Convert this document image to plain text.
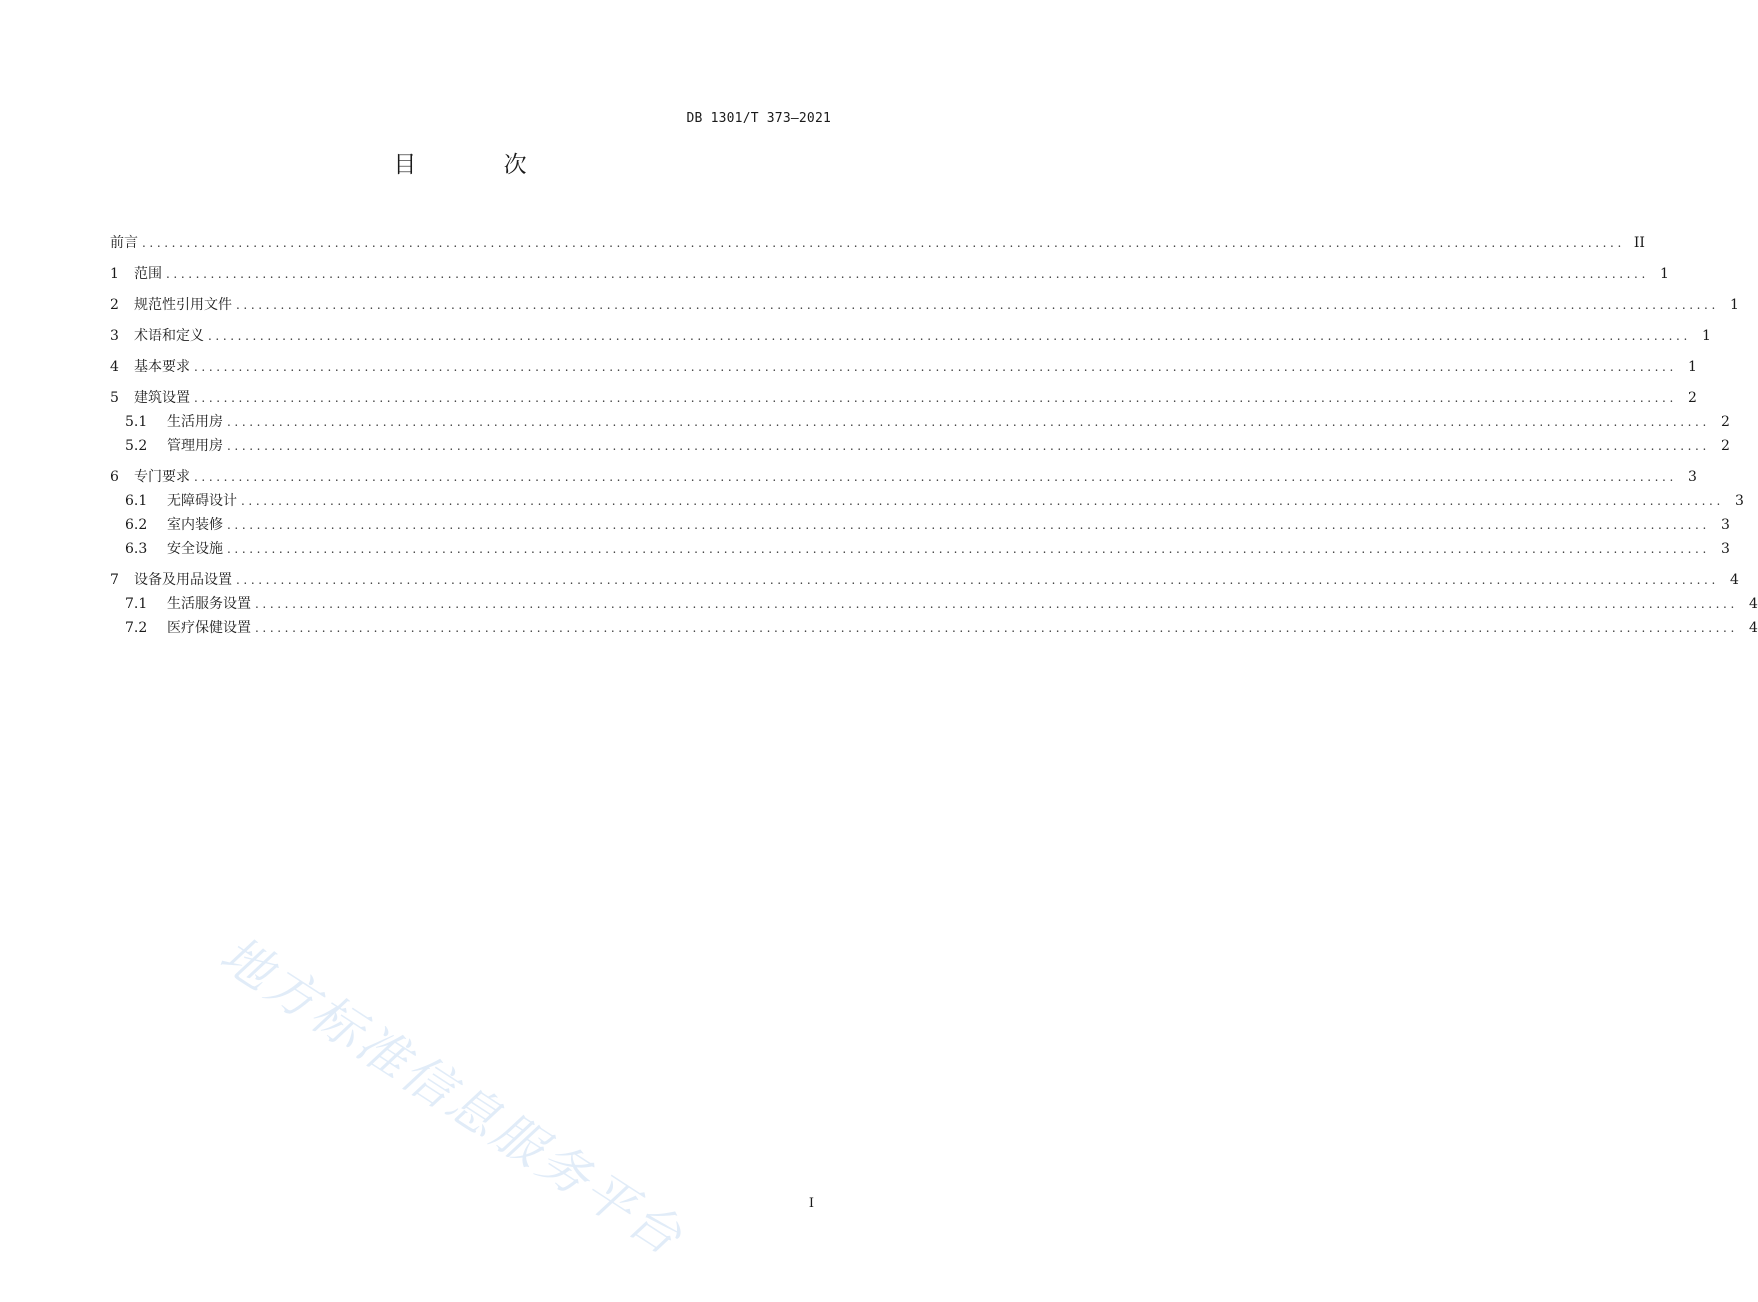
DB 1301/T 373—2021
目 次
前言 ........................................................................................................................................................................................................ II
1	范围 ........................................................................................................................................................................................................ 1
2	规范性引用文件 ........................................................................................................................................................................................................ 1
3	术语和定义 ........................................................................................................................................................................................................ 1
4	基本要求 ........................................................................................................................................................................................................ 1
5	建筑设置 ........................................................................................................................................................................................................ 2
5.1	生活用房 ........................................................................................................................................................................................................ 2
5.2	管理用房 ........................................................................................................................................................................................................ 2
6	专门要求 ........................................................................................................................................................................................................ 3
6.1	无障碍设计 ........................................................................................................................................................................................................ 3
6.2	室内装修 ........................................................................................................................................................................................................ 3
6.3	安全设施 ........................................................................................................................................................................................................ 3
7	设备及用品设置 ........................................................................................................................................................................................................ 4
7.1	生活服务设置 ........................................................................................................................................................................................................ 4
7.2	医疗保健设置 ........................................................................................................................................................................................................ 4
地方标准信息服务平台	I
